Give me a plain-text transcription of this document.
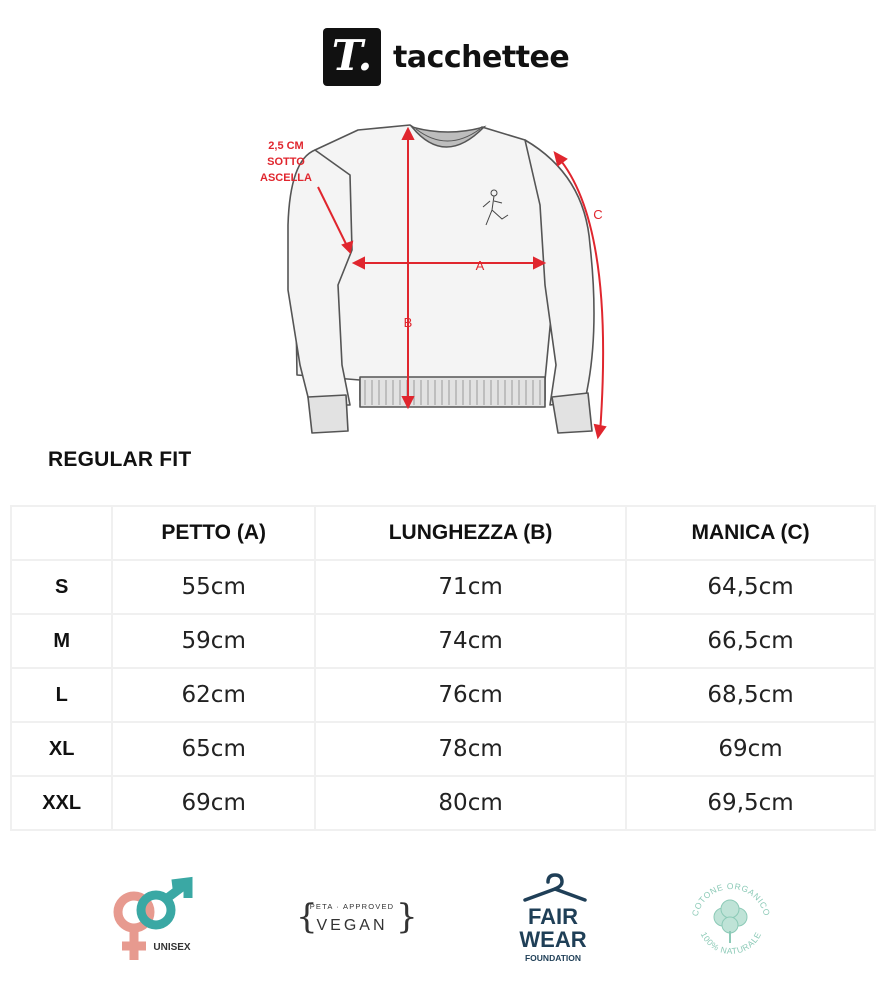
T. tacchettee
2,5 CM
SOTTO
ASCELLA
A
B
C
REGULAR FIT
	PETTO (A)	LUNGHEZZA (B)	MANICA (C)
S	55cm	71cm	64,5cm
M	59cm	74cm	66,5cm
L	62cm	76cm	68,5cm
XL	65cm	78cm	69cm
XXL	69cm	80cm	69,5cm
UNISEX
{ }
PETA · APPROVED
VEGAN	FAIR
WEAR
FOUNDATION
COTONE ORGANICO
100% NATURALE
